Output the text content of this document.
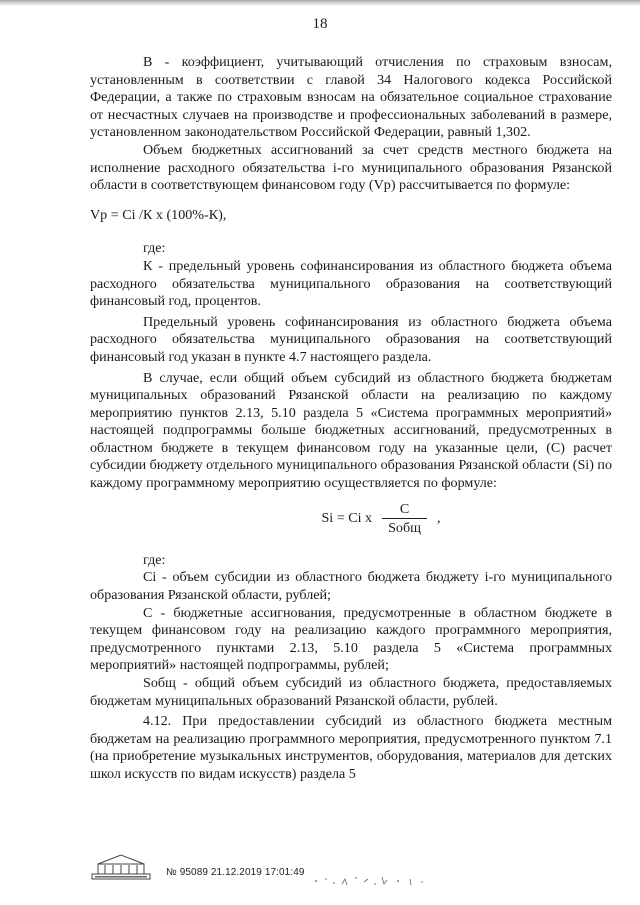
18

В - коэффициент, учитывающий отчисления по страховым взносам, установленным в соответствии с главой 34 Налогового кодекса Российской Федерации, а также по страховым взносам на обязательное социальное страхование от несчастных случаев на производстве и профессиональных заболеваний в размере, установленном законодательством Российской Федерации, равный 1,302.

Объем бюджетных ассигнований за счет средств местного бюджета на исполнение расходного обязательства i-го муниципального образования Рязанской области в соответствующем финансовом году (Vp) рассчитывается по формуле:

Vp = Ci /К х (100%-К),

где:

К - предельный уровень софинансирования из областного бюджета объема расходного обязательства муниципального образования на соответствующий финансовый год, процентов.

Предельный уровень софинансирования из областного бюджета объема расходного обязательства муниципального образования на соответствующий финансовый год указан в пункте 4.7 настоящего раздела.

В случае, если общий объем субсидий из областного бюджета бюджетам муниципальных образований Рязанской области на реализацию по каждому мероприятию пунктов 2.13, 5.10 раздела 5 «Система программных мероприятий» настоящей подпрограммы больше бюджетных ассигнований, предусмотренных в областном бюджете в текущем финансовом году на указанные цели, (С) расчет субсидии бюджету отдельного муниципального образования Рязанской области (Si) по каждому программному мероприятию осуществляется по формуле:

Si = Ci х $\frac{С}{\text{Sобщ}}$ ,

где:

Ci - объем субсидии из областного бюджета бюджету i-го муниципального образования Рязанской области, рублей;

С - бюджетные ассигнования, предусмотренные в областном бюджете в текущем финансовом году на реализацию каждого программного мероприятия, предусмотренного пунктами 2.13, 5.10 раздела 5 «Система программных мероприятий» настоящей подпрограммы, рублей;

Sобщ - общий объем субсидий из областного бюджета, предоставляемых бюджетам муниципальных образований Рязанской области, рублей.

4.12. При предоставлении субсидий из областного бюджета местным бюджетам на реализацию программного мероприятия, предусмотренного пунктом 7.1 (на приобретение музыкальных инструментов, оборудования, материалов для детских школ искусств по видам искусств) раздела 5

№ 95089 21.12.2019 17:01:49
